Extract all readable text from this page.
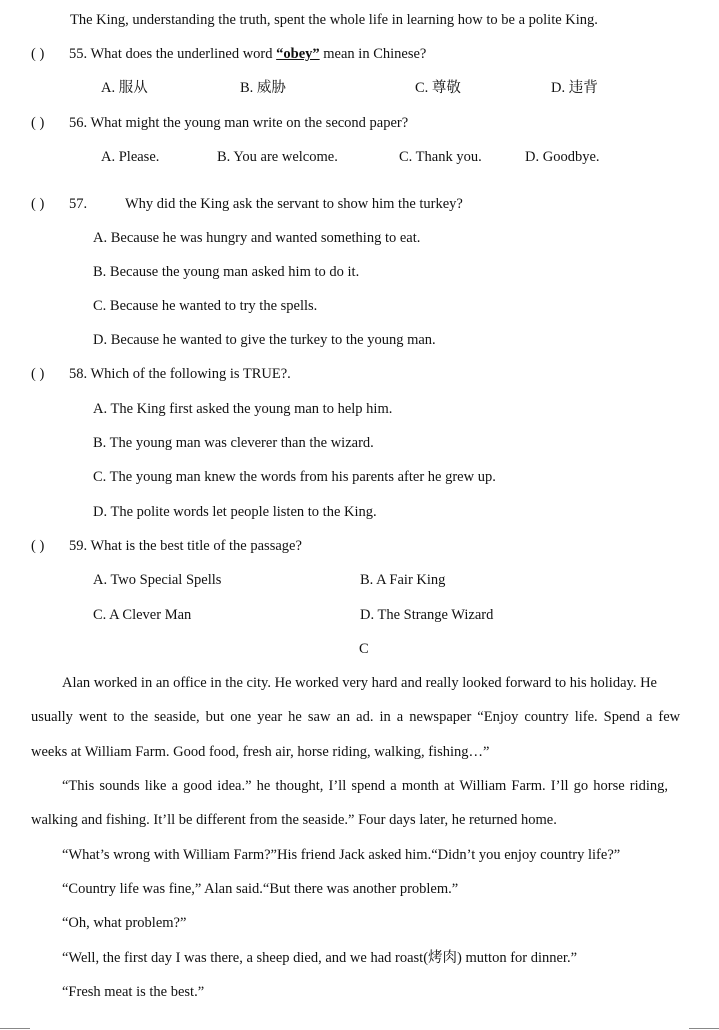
The King, understanding the truth, spent the whole life in learning how to be a polite King.
( ) 55. What does the underlined word “obey” mean in Chinese?
A. 服从	B. 威胁	C. 尊敬	D. 违背
( ) 56. What might the young man write on the second paper?
A. Please.	B. You are welcome.	C. Thank you.	D. Goodbye.
( ) 57.	Why did the King ask the servant to show him the turkey?
A. Because he was hungry and wanted something to eat.
B. Because the young man asked him to do it.
C. Because he wanted to try the spells.
D. Because he wanted to give the turkey to the young man.
( ) 58. Which of the following is TRUE?.
A. The King first asked the young man to help him.
B. The young man was cleverer than the wizard.
C. The young man knew the words from his parents after he grew up.
D. The polite words let people listen to the King.
( ) 59. What is the best title of the passage?
A. Two Special Spells	B. A Fair King
C. A Clever Man	D. The Strange Wizard
C
Alan worked in an office in the city. He worked very hard and really looked forward to his holiday. He
usually went to the seaside, but one year he saw an ad. in a newspaper “Enjoy country life. Spend a few
weeks at William Farm. Good food, fresh air, horse riding, walking, fishing…”
“This sounds like a good idea.” he thought, I’ll spend a month at William Farm. I’ll go horse riding,
walking and fishing. It’ll be different from the seaside.” Four days later, he returned home.
“What’s wrong with William Farm?”His friend Jack asked him.“Didn’t you enjoy country life?”
“Country life was fine,” Alan said.“But there was another problem.”
“Oh, what problem?”
“Well, the first day I was there, a sheep died, and we had roast(烤肉) mutton for dinner.”
“Fresh meat is the best.”
